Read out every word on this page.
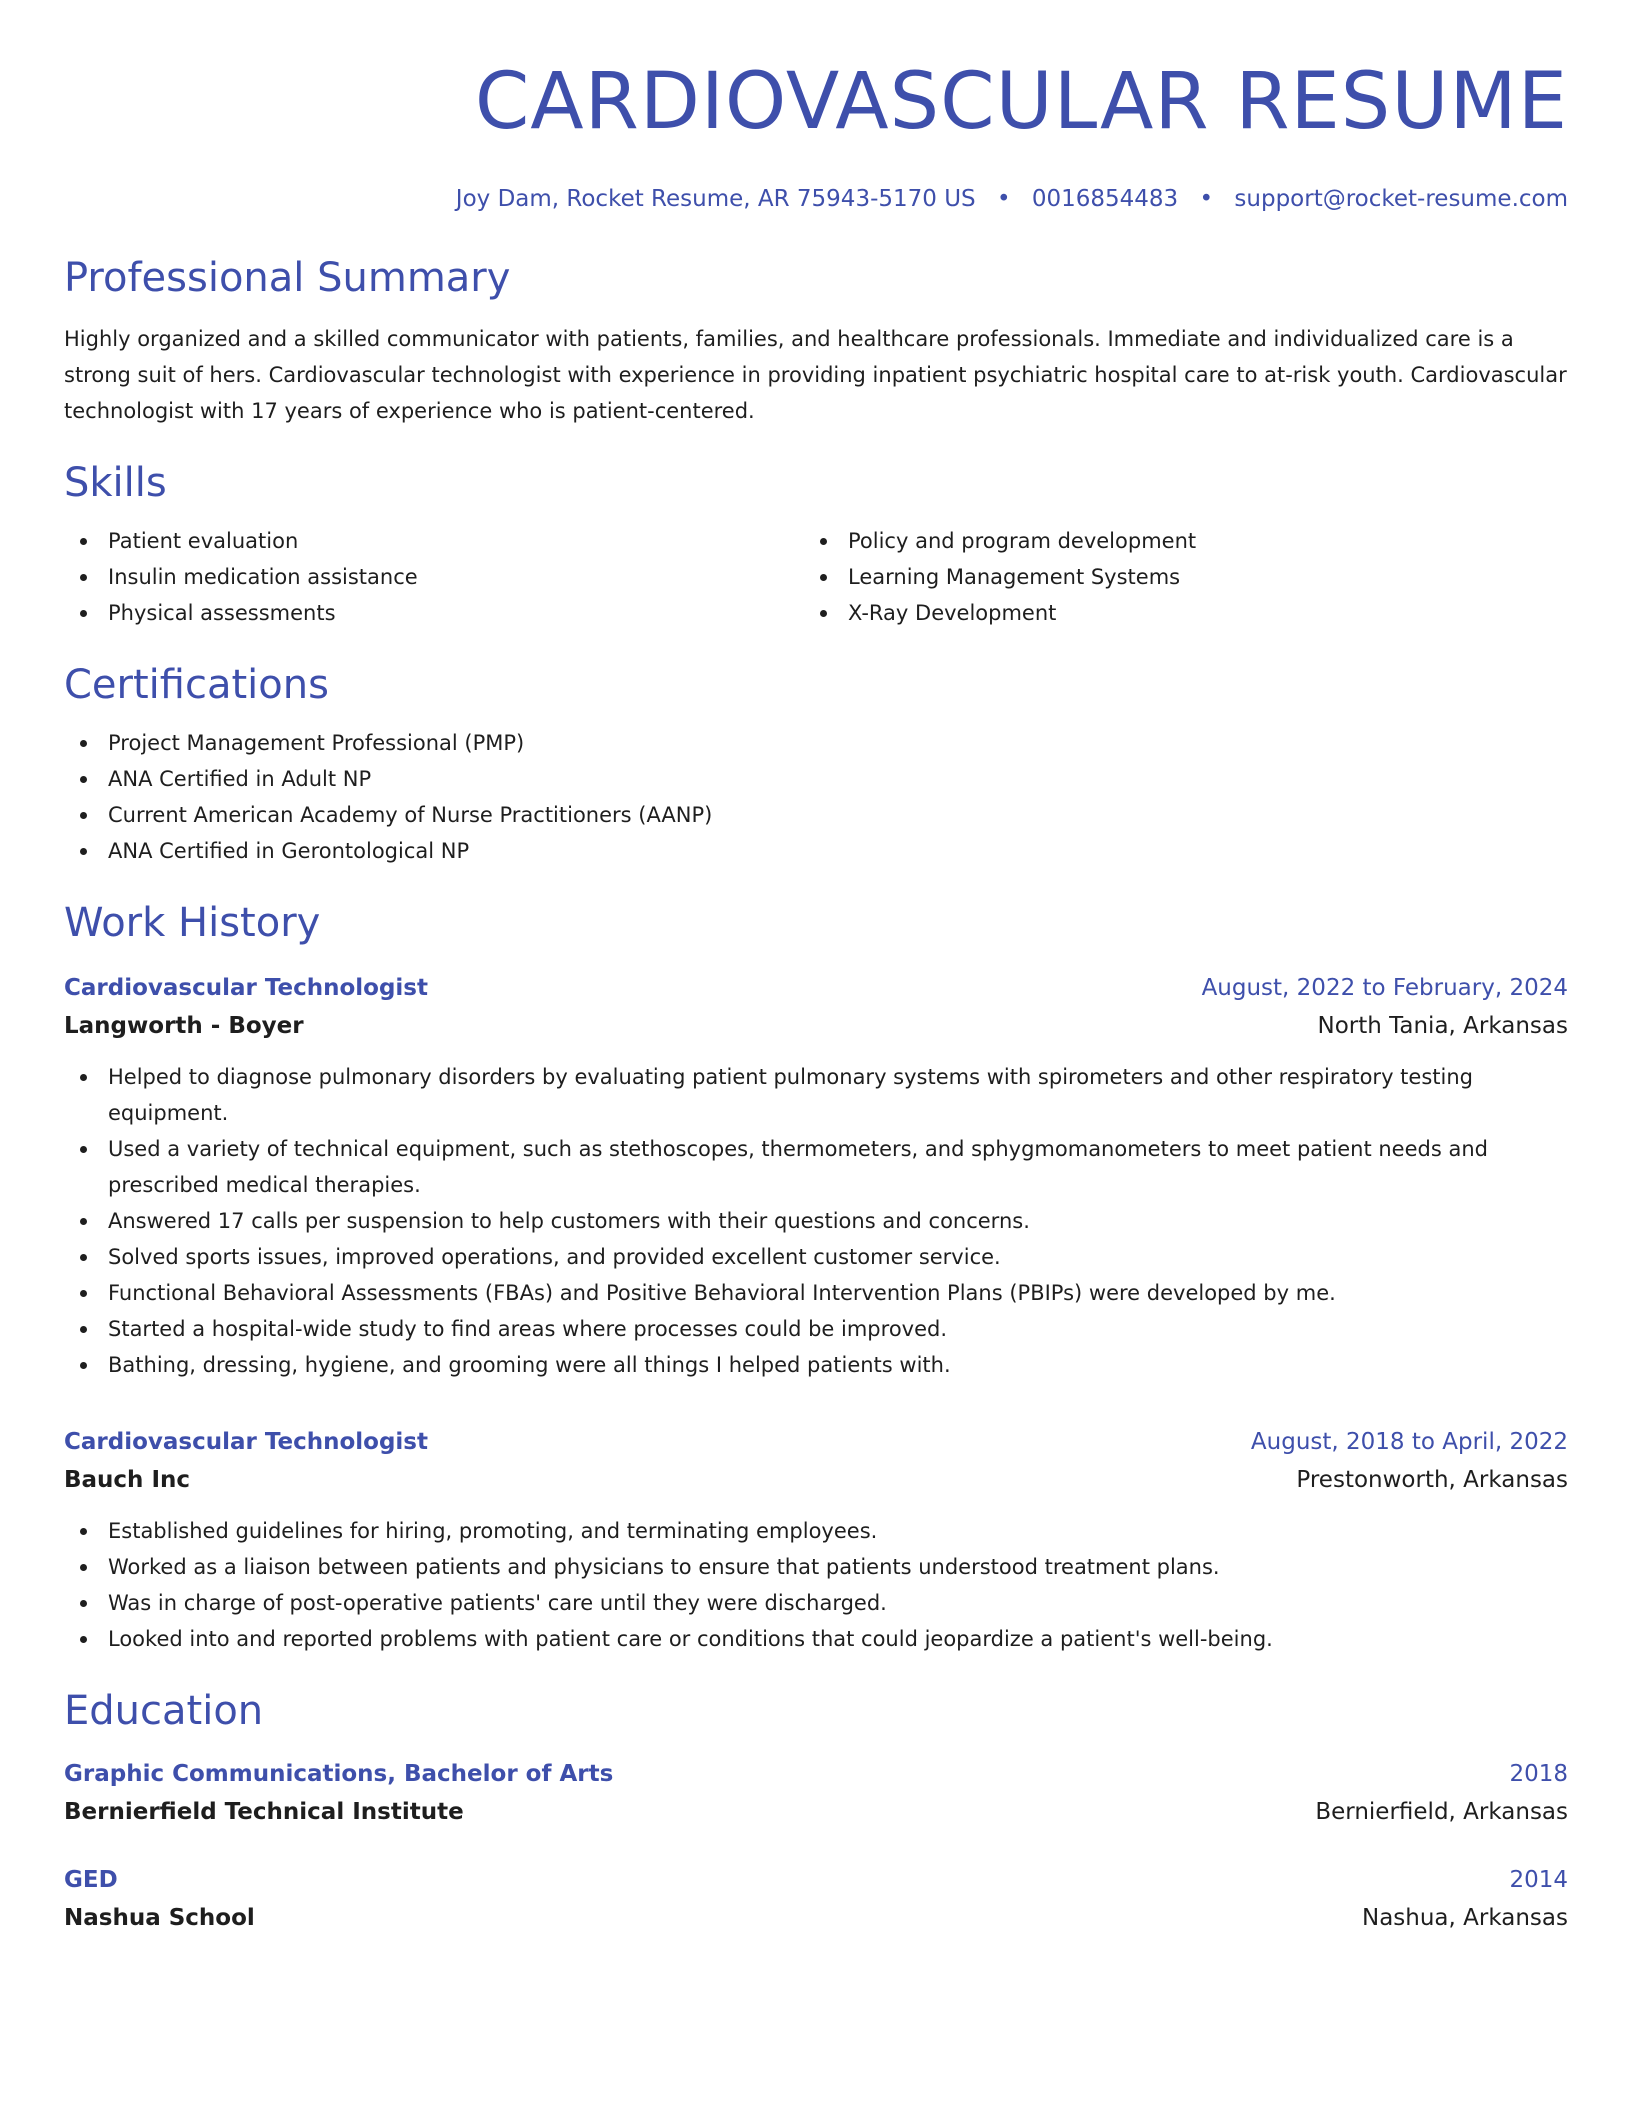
CARDIOVASCULAR RESUME
Joy Dam, Rocket Resume, AR 75943-5170 US • 0016854483 • support@rocket-resume.com
Professional Summary

Highly organized and a skilled communicator with patients, families, and healthcare professionals. Immediate and individualized care is a strong suit of hers. Cardiovascular technologist with experience in providing inpatient psychiatric hospital care to at-risk youth. Cardiovascular technologist with 17 years of experience who is patient-centered.

Skills
Patient evaluation
Insulin medication assistance
Physical assessments
Policy and program development
Learning Management Systems
X-Ray Development
Certifications
Project Management Professional (PMP)
ANA Certified in Adult NP
Current American Academy of Nurse Practitioners (AANP)
ANA Certified in Gerontological NP
Work History
Cardiovascular Technologist	August, 2022 to February, 2024
Langworth - Boyer	North Tania, Arkansas
Helped to diagnose pulmonary disorders by evaluating patient pulmonary systems with spirometers and other respiratory testing equipment.
Used a variety of technical equipment, such as stethoscopes, thermometers, and sphygmomanometers to meet patient needs and prescribed medical therapies.
Answered 17 calls per suspension to help customers with their questions and concerns.
Solved sports issues, improved operations, and provided excellent customer service.
Functional Behavioral Assessments (FBAs) and Positive Behavioral Intervention Plans (PBIPs) were developed by me.
Started a hospital-wide study to find areas where processes could be improved.
Bathing, dressing, hygiene, and grooming were all things I helped patients with.
Cardiovascular Technologist	August, 2018 to April, 2022
Bauch Inc	Prestonworth, Arkansas
Established guidelines for hiring, promoting, and terminating employees.
Worked as a liaison between patients and physicians to ensure that patients understood treatment plans.
Was in charge of post-operative patients' care until they were discharged.
Looked into and reported problems with patient care or conditions that could jeopardize a patient's well-being.
Education
Graphic Communications, Bachelor of Arts	2018
Bernierfield Technical Institute	Bernierfield, Arkansas
GED	2014
Nashua School	Nashua, Arkansas
